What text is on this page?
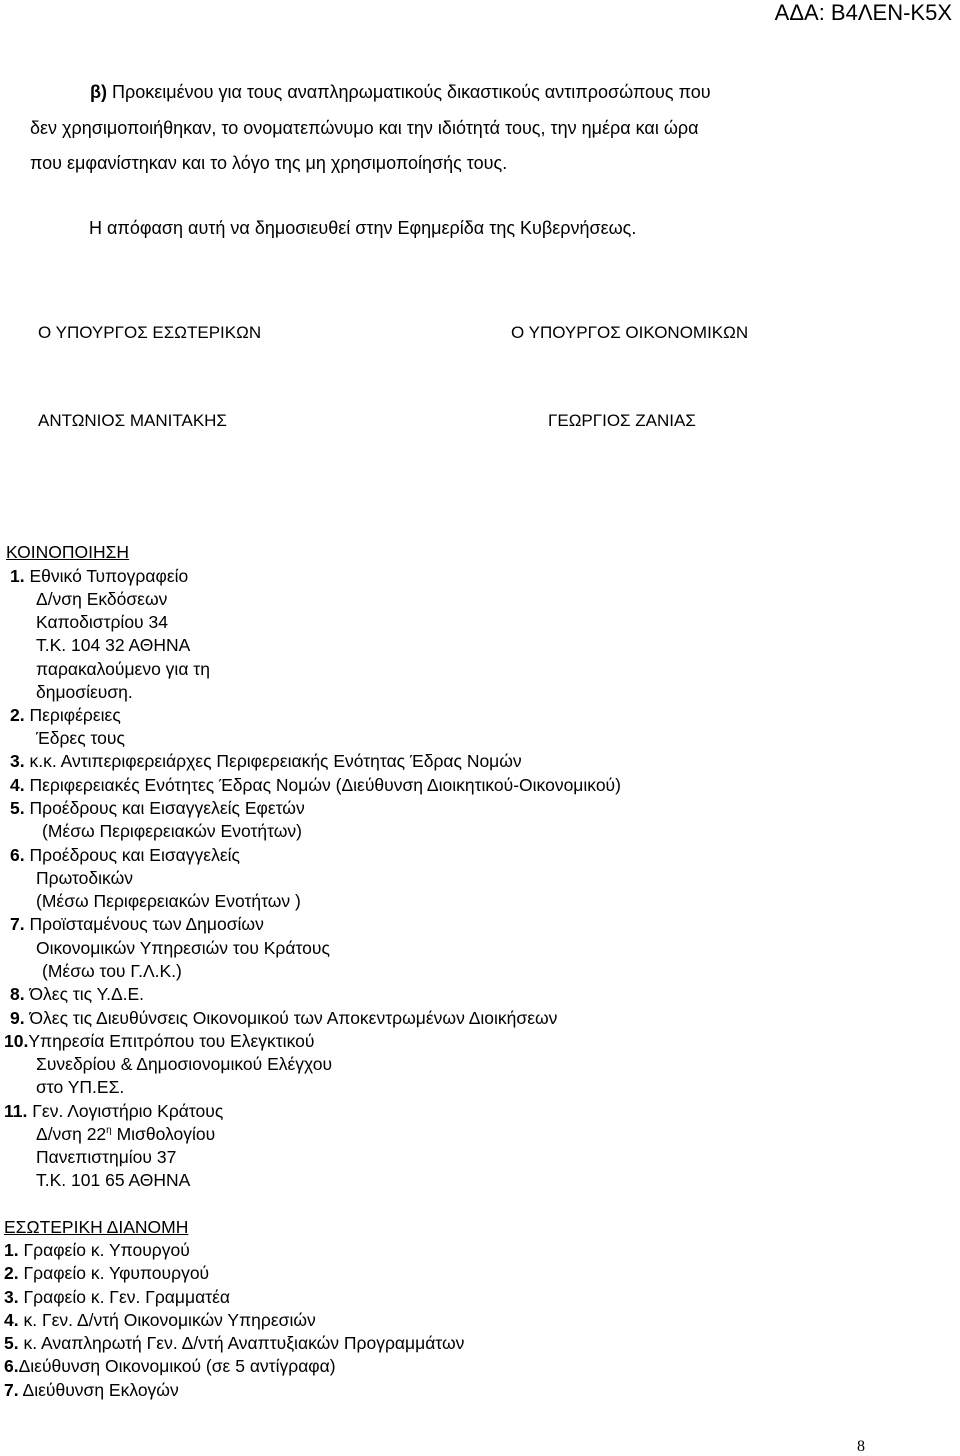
ΑΔΑ: Β4ΛΕΝ-Κ5Χ
β) Προκειμένου για τους αναπληρωματικούς δικαστικούς αντιπροσώπους που
δεν χρησιμοποιήθηκαν, το ονοματεπώνυμο και την ιδιότητά τους, την ημέρα και ώρα
που εμφανίστηκαν και το λόγο της μη χρησιμοποίησής τους.
Η απόφαση αυτή να δημοσιευθεί στην Εφημερίδα της Κυβερνήσεως.
Ο ΥΠΟΥΡΓΟΣ ΕΣΩΤΕΡΙΚΩΝ	Ο ΥΠΟΥΡΓΟΣ ΟΙΚΟΝΟΜΙΚΩΝ
ΑΝΤΩΝΙΟΣ ΜΑΝΙΤΑΚΗΣ	ΓΕΩΡΓΙΟΣ ΖΑΝΙΑΣ
ΚΟΙΝΟΠΟΙΗΣΗ
1. Εθνικό Τυπογραφείο
Δ/νση Εκδόσεων
Καποδιστρίου 34
Τ.Κ. 104 32 ΑΘΗΝΑ
παρακαλούμενο για τη
δημοσίευση.
2. Περιφέρειες
Έδρες τους
3. κ.κ. Αντιπεριφερειάρχες Περιφερειακής Ενότητας Έδρας Νομών
4. Περιφερειακές Ενότητες Έδρας Νομών (Διεύθυνση Διοικητικού-Οικονομικού)
5. Προέδρους και Εισαγγελείς Εφετών
(Μέσω Περιφερειακών Ενοτήτων)
6. Προέδρους και Εισαγγελείς
Πρωτοδικών
(Μέσω Περιφερειακών Ενοτήτων )
7. Προϊσταμένους των Δημοσίων
Οικονομικών Υπηρεσιών του Κράτους
(Μέσω του Γ.Λ.Κ.)
8. Όλες τις Υ.Δ.Ε.
9. Όλες τις Διευθύνσεις Οικονομικού των Αποκεντρωμένων Διοικήσεων
10.Υπηρεσία Επιτρόπου του Ελεγκτικού
Συνεδρίου & Δημοσιονομικού Ελέγχου
στο ΥΠ.ΕΣ.
11. Γεν. Λογιστήριο Κράτους
Δ/νση $22^\eta$ Μισθολογίου
Πανεπιστημίου 37
Τ.Κ. 101 65 ΑΘΗΝΑ
ΕΣΩΤΕΡΙΚΗ ΔΙΑΝΟΜΗ
1. Γραφείο κ. Υπουργού
2. Γραφείο κ. Υφυπουργού
3. Γραφείο κ. Γεν. Γραμματέα
4. κ. Γεν. Δ/ντή Οικονομικών Υπηρεσιών
5. κ. Αναπληρωτή Γεν. Δ/ντή Αναπτυξιακών Προγραμμάτων
6.Διεύθυνση Οικονομικού (σε 5 αντίγραφα)
7. Διεύθυνση Εκλογών
8
